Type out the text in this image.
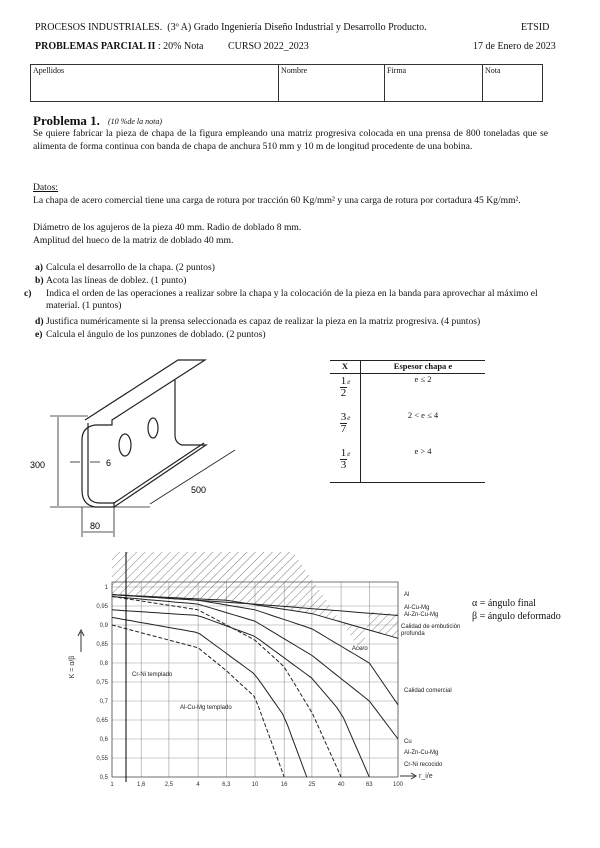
PROCESOS INDUSTRIALES. (3º A) Grado Ingeniería Diseño Industrial y Desarrollo Producto.	ETSID
PROBLEMAS PARCIAL II : 20% Nota CURSO 2022_2023	17 de Enero de 2023
Apellidos	Nombre	Firma	Nota
Problema 1. (10 %de la nota)
Se quiere fabricar la pieza de chapa de la figura empleando una matriz progresiva colocada en una prensa de 800 toneladas que se alimenta de forma continua con banda de chapa de anchura 510 mm y 10 m de longitud procedente de una bobina.
Datos:
La chapa de acero comercial tiene una carga de rotura por tracción 60 Kg/mm² y una carga de rotura por cortadura 45 Kg/mm².
Diámetro de los agujeros de la pieza 40 mm. Radio de doblado 8 mm.
Amplitud del hueco de la matriz de doblado 40 mm.
a) Calcula el desarrollo de la chapa. (2 puntos)
b) Acota las líneas de doblez. (1 punto)
c) Indica el orden de las operaciones a realizar sobre la chapa y la colocación de la pieza en la banda para aprovechar al máximo el material. (1 puntos)
d) Justifica numéricamente si la prensa seleccionada es capaz de realizar la pieza en la matriz progresiva. (4 puntos)
e) Calcula el ángulo de los punzones de doblado. (2 puntos)
300	6
500
80
X	Espesor chapa e
$\frac{1}{2}$ e	e ≤ 2
$\frac{3}{7}$ e	2 < e ≤ 4
$\frac{1}{3}$ e	e > 4
1	1,6	2,5	4	6,3	10	16	25	40	63	100
0,5
0,55
0,6
0,65
0,7
0,75
0,8
0,85
0,9
0,95
1
K = α/β
r_i/e
Al
Al-Cu-Mg
Al-Zn-Cu-Mg
Calidad de embutición
profunda
Acero
Calidad comercial
Cu
Al-Zn-Cu-Mg
Cr-Ni recocido
Cr-Ni templado
Al-Cu-Mg templado
α = ángulo final
β = ángulo deformado
